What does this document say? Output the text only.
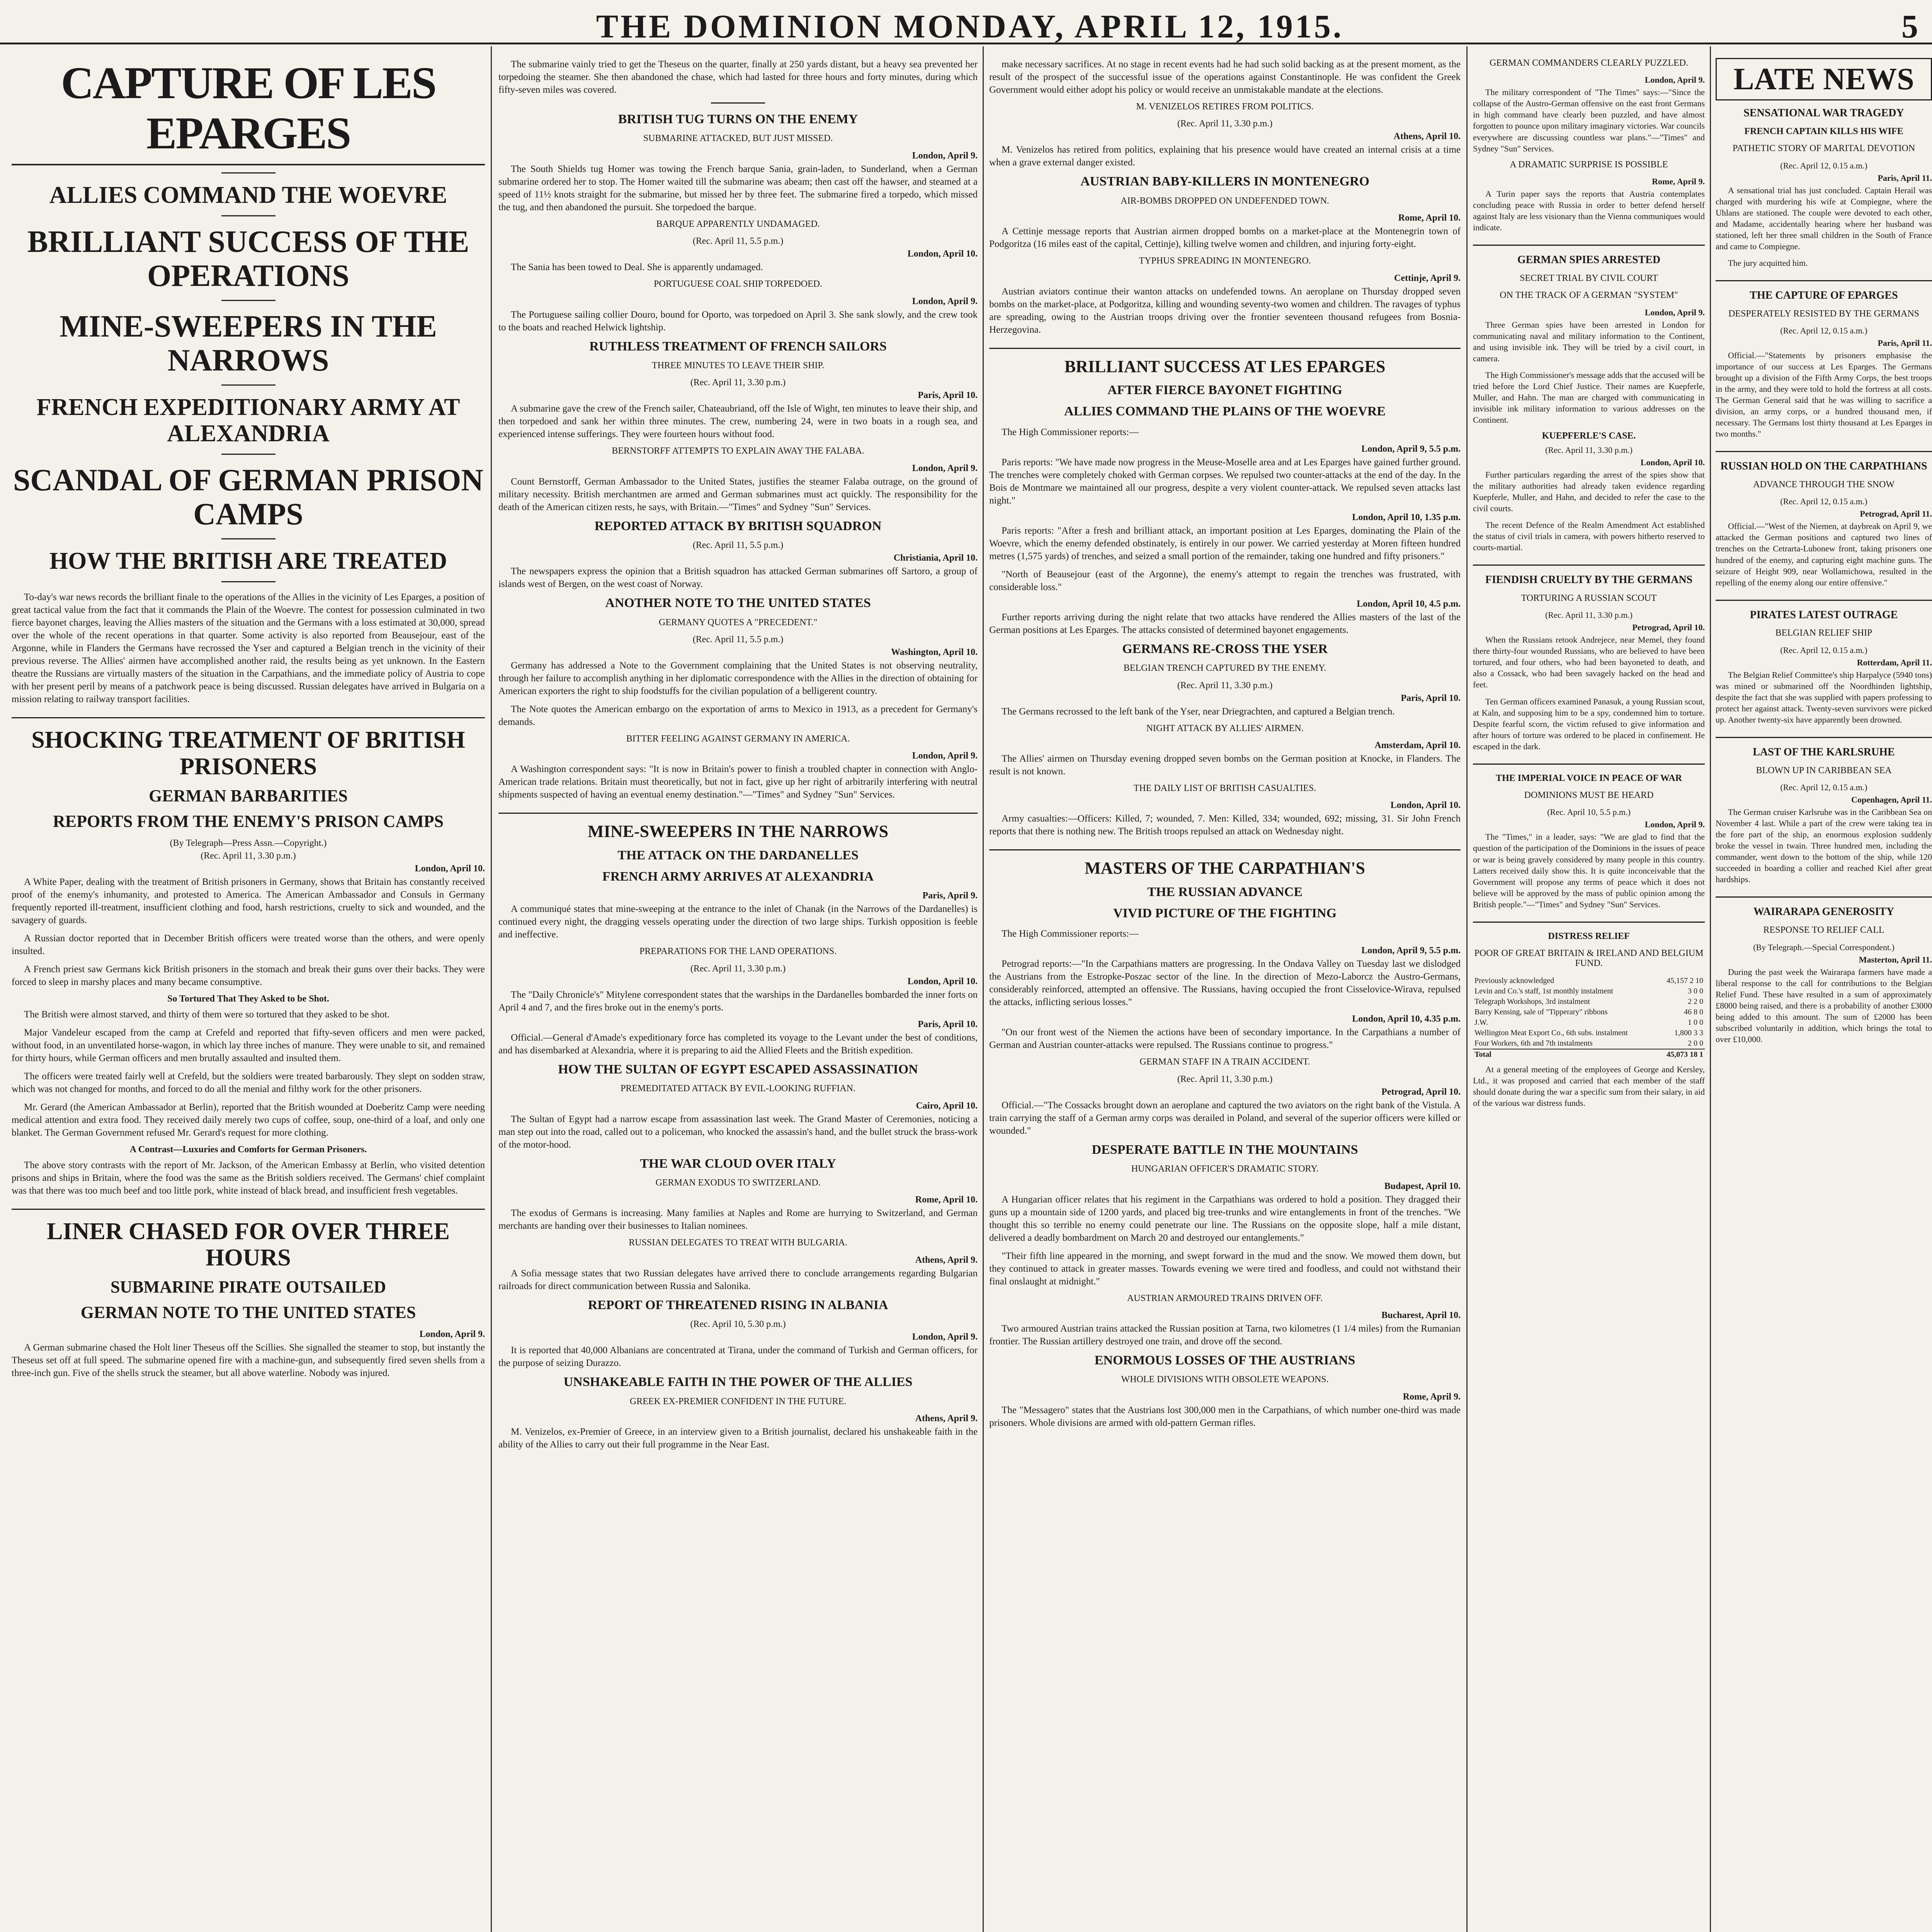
THE DOMINION MONDAY, APRIL 12, 1915.	5
CAPTURE OF LES EPARGES
ALLIES COMMAND THE WOEVRE
BRILLIANT SUCCESS OF THE OPERATIONS
MINE-SWEEPERS IN THE NARROWS
FRENCH EXPEDITIONARY ARMY AT ALEXANDRIA
SCANDAL OF GERMAN PRISON CAMPS
HOW THE BRITISH ARE TREATED

To-day's war news records the brilliant finale to the operations of the Allies in the vicinity of Les Eparges, a position of great tactical value from the fact that it commands the Plain of the Woevre. The contest for possession culminated in two fierce bayonet charges, leaving the Allies masters of the situation and the Germans with a loss estimated at 30,000, spread over the whole of the recent operations in that quarter. Some activity is also reported from Beausejour, east of the Argonne, while in Flanders the Germans have recrossed the Yser and captured a Belgian trench in the vicinity of their previous reverse. The Allies' airmen have accomplished another raid, the results being as yet unknown. In the Eastern theatre the Russians are virtually masters of the situation in the Carpathians, and the immediate policy of Austria to cope with her present peril by means of a patchwork peace is being discussed. Russian delegates have arrived in Bulgaria on a mission relating to railway transport facilities.

SHOCKING TREATMENT OF BRITISH PRISONERS
GERMAN BARBARITIES
REPORTS FROM THE ENEMY'S PRISON CAMPS
(By Telegraph—Press Assn.—Copyright.)
(Rec. April 11, 3.30 p.m.)
London, April 10.

A White Paper, dealing with the treatment of British prisoners in Germany, shows that Britain has constantly received proof of the enemy's inhumanity, and protested to America. The American Ambassador and Consuls in Germany frequently reported ill-treatment, insufficient clothing and food, harsh restrictions, cruelty to sick and wounded, and the savagery of guards.

A Russian doctor reported that in December British officers were treated worse than the others, and were openly insulted.

A French priest saw Germans kick British prisoners in the stomach and break their guns over their backs. They were forced to sleep in marshy places and many became consumptive.

So Tortured That They Asked to be Shot.

The British were almost starved, and thirty of them were so tortured that they asked to be shot.

Major Vandeleur escaped from the camp at Crefeld and reported that fifty-seven officers and men were packed, without food, in an unventilated horse-wagon, in which lay three inches of manure. They were unable to sit, and remained for thirty hours, while German officers and men brutally assaulted and insulted them.

The officers were treated fairly well at Crefeld, but the soldiers were treated barbarously. They slept on sodden straw, which was not changed for months, and forced to do all the menial and filthy work for the other prisoners.

Mr. Gerard (the American Ambassador at Berlin), reported that the British wounded at Doeberitz Camp were needing medical attention and extra food. They received daily merely two cups of coffee, soup, one-third of a loaf, and only one blanket. The German Government refused Mr. Gerard's request for more clothing.

A Contrast—Luxuries and Comforts for German Prisoners.

The above story contrasts with the report of Mr. Jackson, of the American Embassy at Berlin, who visited detention prisons and ships in Britain, where the food was the same as the British soldiers received. The Germans' chief complaint was that there was too much beef and too little pork, white instead of black bread, and insufficient fresh vegetables.

LINER CHASED FOR OVER THREE HOURS
SUBMARINE PIRATE OUTSAILED
GERMAN NOTE TO THE UNITED STATES
London, April 9.

A German submarine chased the Holt liner Theseus off the Scillies. She signalled the steamer to stop, but instantly the Theseus set off at full speed. The submarine opened fire with a machine-gun, and subsequently fired seven shells from a three-inch gun. Five of the shells struck the steamer, but all above waterline. Nobody was injured.

The submarine vainly tried to get the Theseus on the quarter, finally at 250 yards distant, but a heavy sea prevented her torpedoing the steamer. She then abandoned the chase, which had lasted for three hours and forty minutes, during which fifty-seven miles was covered.

BRITISH TUG TURNS ON THE ENEMY
SUBMARINE ATTACKED, BUT JUST MISSED.
London, April 9.

The South Shields tug Homer was towing the French barque Sania, grain-laden, to Sunderland, when a German submarine ordered her to stop. The Homer waited till the submarine was abeam; then cast off the hawser, and steamed at a speed of 11½ knots straight for the submarine, but missed her by three feet. The submarine fired a torpedo, which missed the tug, and then abandoned the pursuit. She torpedoed the barque.

BARQUE APPARENTLY UNDAMAGED.
(Rec. April 11, 5.5 p.m.)
London, April 10.

The Sania has been towed to Deal. She is apparently undamaged.

PORTUGUESE COAL SHIP TORPEDOED.
London, April 9.

The Portuguese sailing collier Douro, bound for Oporto, was torpedoed on April 3. She sank slowly, and the crew took to the boats and reached Helwick lightship.

RUTHLESS TREATMENT OF FRENCH SAILORS
THREE MINUTES TO LEAVE THEIR SHIP.
(Rec. April 11, 3.30 p.m.)
Paris, April 10.

A submarine gave the crew of the French sailer, Chateaubriand, off the Isle of Wight, ten minutes to leave their ship, and then torpedoed and sank her within three minutes. The crew, numbering 24, were in two boats in a rough sea, and experienced intense sufferings. They were fourteen hours without food.

BERNSTORFF ATTEMPTS TO EXPLAIN AWAY THE FALABA.
London, April 9.

Count Bernstorff, German Ambassador to the United States, justifies the steamer Falaba outrage, on the ground of military necessity. British merchantmen are armed and German submarines must act quickly. The responsibility for the death of the American citizen rests, he says, with Britain.—"Times" and Sydney "Sun" Services.

REPORTED ATTACK BY BRITISH SQUADRON
(Rec. April 11, 5.5 p.m.)
Christiania, April 10.

The newspapers express the opinion that a British squadron has attacked German submarines off Sartoro, a group of islands west of Bergen, on the west coast of Norway.

ANOTHER NOTE TO THE UNITED STATES
GERMANY QUOTES A "PRECEDENT."
(Rec. April 11, 5.5 p.m.)
Washington, April 10.

Germany has addressed a Note to the Government complaining that the United States is not observing neutrality, through her failure to accomplish anything in her diplomatic correspondence with the Allies in the direction of obtaining for American exporters the right to ship foodstuffs for the civilian population of a belligerent country.

The Note quotes the American embargo on the exportation of arms to Mexico in 1913, as a precedent for Germany's demands.

BITTER FEELING AGAINST GERMANY IN AMERICA.
London, April 9.

A Washington correspondent says: "It is now in Britain's power to finish a troubled chapter in connection with Anglo-American trade relations. Britain must theoretically, but not in fact, give up her right of arbitrarily interfering with neutral shipments suspected of having an eventual enemy destination."—"Times" and Sydney "Sun" Services.

MINE-SWEEPERS IN THE NARROWS
THE ATTACK ON THE DARDANELLES
FRENCH ARMY ARRIVES AT ALEXANDRIA
Paris, April 9.

A communiqué states that mine-sweeping at the entrance to the inlet of Chanak (in the Narrows of the Dardanelles) is continued every night, the dragging vessels operating under the direction of two large ships. Turkish opposition is feeble and ineffective.

PREPARATIONS FOR THE LAND OPERATIONS.
(Rec. April 11, 3.30 p.m.)
London, April 10.

The "Daily Chronicle's" Mitylene correspondent states that the warships in the Dardanelles bombarded the inner forts on April 4 and 7, and the fires broke out in the enemy's ports.

Paris, April 10.

Official.—General d'Amade's expeditionary force has completed its voyage to the Levant under the best of conditions, and has disembarked at Alexandria, where it is preparing to aid the Allied Fleets and the British expedition.

HOW THE SULTAN OF EGYPT ESCAPED ASSASSINATION
PREMEDITATED ATTACK BY EVIL-LOOKING RUFFIAN.
Cairo, April 10.

The Sultan of Egypt had a narrow escape from assassination last week. The Grand Master of Ceremonies, noticing a man step out into the road, called out to a policeman, who knocked the assassin's hand, and the bullet struck the brass-work of the motor-hood.

THE WAR CLOUD OVER ITALY
GERMAN EXODUS TO SWITZERLAND.
Rome, April 10.

The exodus of Germans is increasing. Many families at Naples and Rome are hurrying to Switzerland, and German merchants are handing over their businesses to Italian nominees.

RUSSIAN DELEGATES TO TREAT WITH BULGARIA.
Athens, April 9.

A Sofia message states that two Russian delegates have arrived there to conclude arrangements regarding Bulgarian railroads for direct communication between Russia and Salonika.

REPORT OF THREATENED RISING IN ALBANIA
(Rec. April 10, 5.30 p.m.)
London, April 9.

It is reported that 40,000 Albanians are concentrated at Tirana, under the command of Turkish and German officers, for the purpose of seizing Durazzo.

UNSHAKEABLE FAITH IN THE POWER OF THE ALLIES
GREEK EX-PREMIER CONFIDENT IN THE FUTURE.
Athens, April 9.

M. Venizelos, ex-Premier of Greece, in an interview given to a British journalist, declared his unshakeable faith in the ability of the Allies to carry out their full programme in the Near East.

make necessary sacrifices. At no stage in recent events had he had such solid backing as at the present moment, as the result of the prospect of the successful issue of the operations against Constantinople. He was confident the Greek Government would either adopt his policy or would receive an unmistakable mandate at the elections.

M. VENIZELOS RETIRES FROM POLITICS.
(Rec. April 11, 3.30 p.m.)
Athens, April 10.

M. Venizelos has retired from politics, explaining that his presence would have created an internal crisis at a time when a grave external danger existed.

AUSTRIAN BABY-KILLERS IN MONTENEGRO
AIR-BOMBS DROPPED ON UNDEFENDED TOWN.
Rome, April 10.

A Cettinje message reports that Austrian airmen dropped bombs on a market-place at the Montenegrin town of Podgoritza (16 miles east of the capital, Cettinje), killing twelve women and children, and injuring forty-eight.

TYPHUS SPREADING IN MONTENEGRO.
Cettinje, April 9.

Austrian aviators continue their wanton attacks on undefended towns. An aeroplane on Thursday dropped seven bombs on the market-place, at Podgoritza, killing and wounding seventy-two women and children. The ravages of typhus are spreading, owing to the Austrian troops driving over the frontier seventeen thousand refugees from Bosnia-Herzegovina.

BRILLIANT SUCCESS AT LES EPARGES
AFTER FIERCE BAYONET FIGHTING
ALLIES COMMAND THE PLAINS OF THE WOEVRE

The High Commissioner reports:—

London, April 9, 5.5 p.m.

Paris reports: "We have made now progress in the Meuse-Moselle area and at Les Eparges have gained further ground. The trenches were completely choked with German corpses. We repulsed two counter-attacks at the end of the day. In the Bois de Montmare we maintained all our progress, despite a very violent counter-attack. We repulsed seven attacks last night."

London, April 10, 1.35 p.m.

Paris reports: "After a fresh and brilliant attack, an important position at Les Eparges, dominating the Plain of the Woevre, which the enemy defended obstinately, is entirely in our power. We carried yesterday at Moren fifteen hundred metres (1,575 yards) of trenches, and seized a small portion of the remainder, taking one hundred and fifty prisoners."

"North of Beausejour (east of the Argonne), the enemy's attempt to regain the trenches was frustrated, with considerable loss."

London, April 10, 4.5 p.m.

Further reports arriving during the night relate that two attacks have rendered the Allies masters of the last of the German positions at Les Eparges. The attacks consisted of determined bayonet engagements.

GERMANS RE-CROSS THE YSER
BELGIAN TRENCH CAPTURED BY THE ENEMY.
(Rec. April 11, 3.30 p.m.)
Paris, April 10.

The Germans recrossed to the left bank of the Yser, near Driegrachten, and captured a Belgian trench.

NIGHT ATTACK BY ALLIES' AIRMEN.
Amsterdam, April 10.

The Allies' airmen on Thursday evening dropped seven bombs on the German position at Knocke, in Flanders. The result is not known.

THE DAILY LIST OF BRITISH CASUALTIES.
London, April 10.

Army casualties:—Officers: Killed, 7; wounded, 7. Men: Killed, 334; wounded, 692; missing, 31. Sir John French reports that there is nothing new. The British troops repulsed an attack on Wednesday night.

MASTERS OF THE CARPATHIAN'S
THE RUSSIAN ADVANCE
VIVID PICTURE OF THE FIGHTING

The High Commissioner reports:—

London, April 9, 5.5 p.m.

Petrograd reports:—"In the Carpathians matters are progressing. In the Ondava Valley on Tuesday last we dislodged the Austrians from the Estropke-Poszac sector of the line. In the direction of Mezo-Laborcz the Austro-Germans, considerably reinforced, attempted an offensive. The Russians, having occupied the front Cisselovice-Wirava, repulsed the attacks, inflicting serious losses."

London, April 10, 4.35 p.m.

"On our front west of the Niemen the actions have been of secondary importance. In the Carpathians a number of German and Austrian counter-attacks were repulsed. The Russians continue to progress."

GERMAN STAFF IN A TRAIN ACCIDENT.
(Rec. April 11, 3.30 p.m.)
Petrograd, April 10.

Official.—"The Cossacks brought down an aeroplane and captured the two aviators on the right bank of the Vistula. A train carrying the staff of a German army corps was derailed in Poland, and several of the superior officers were killed or wounded."

DESPERATE BATTLE IN THE MOUNTAINS
HUNGARIAN OFFICER'S DRAMATIC STORY.
Budapest, April 10.

A Hungarian officer relates that his regiment in the Carpathians was ordered to hold a position. They dragged their guns up a mountain side of 1200 yards, and placed big tree-trunks and wire entanglements in front of the trenches. "We thought this so terrible no enemy could penetrate our line. The Russians on the opposite slope, half a mile distant, delivered a deadly bombardment on March 20 and destroyed our entanglements."

"Their fifth line appeared in the morning, and swept forward in the mud and the snow. We mowed them down, but they continued to attack in greater masses. Towards evening we were tired and foodless, and could not withstand their final onslaught at midnight."

AUSTRIAN ARMOURED TRAINS DRIVEN OFF.
Bucharest, April 10.

Two armoured Austrian trains attacked the Russian position at Tarna, two kilometres (1 1/4 miles) from the Rumanian frontier. The Russian artillery destroyed one train, and drove off the second.

ENORMOUS LOSSES OF THE AUSTRIANS
WHOLE DIVISIONS WITH OBSOLETE WEAPONS.
Rome, April 9.

The "Messagero" states that the Austrians lost 300,000 men in the Carpathians, of which number one-third was made prisoners. Whole divisions are armed with old-pattern German rifles.

GERMAN COMMANDERS CLEARLY PUZZLED.
London, April 9.

The military correspondent of "The Times" says:—"Since the collapse of the Austro-German offensive on the east front Germans in high command have clearly been puzzled, and have almost forgotten to pounce upon military imaginary victories. War councils everywhere are discussing countless war plans."—"Times" and Sydney "Sun" Services.

A DRAMATIC SURPRISE IS POSSIBLE
Rome, April 9.

A Turin paper says the reports that Austria contemplates concluding peace with Russia in order to better defend herself against Italy are less visionary than the Vienna communiques would indicate.

GERMAN SPIES ARRESTED
SECRET TRIAL BY CIVIL COURT
ON THE TRACK OF A GERMAN "SYSTEM"
London, April 9.

Three German spies have been arrested in London for communicating naval and military information to the Continent, and using invisible ink. They will be tried by a civil court, in camera.

The High Commissioner's message adds that the accused will be tried before the Lord Chief Justice. Their names are Kuepferle, Muller, and Hahn. The man are charged with communicating in invisible ink military information to various addresses on the Continent.

KUEPFERLE'S CASE.
(Rec. April 11, 3.30 p.m.)
London, April 10.

Further particulars regarding the arrest of the spies show that the military authorities had already taken evidence regarding Kuepferle, Muller, and Hahn, and decided to refer the case to the civil courts.

The recent Defence of the Realm Amendment Act established the status of civil trials in camera, with powers hitherto reserved to courts-martial.

FIENDISH CRUELTY BY THE GERMANS
TORTURING A RUSSIAN SCOUT
(Rec. April 11, 3.30 p.m.)
Petrograd, April 10.

When the Russians retook Andrejece, near Memel, they found there thirty-four wounded Russians, who are believed to have been tortured, and four others, who had been bayoneted to death, and also a Cossack, who had been savagely hacked on the head and feet.

Ten German officers examined Panasuk, a young Russian scout, at Kaln, and supposing him to be a spy, condemned him to torture. Despite fearful scorn, the victim refused to give information and after hours of torture was ordered to be placed in confinement. He escaped in the dark.

THE IMPERIAL VOICE IN PEACE OF WAR
DOMINIONS MUST BE HEARD
(Rec. April 10, 5.5 p.m.)
London, April 9.

The "Times," in a leader, says: "We are glad to find that the question of the participation of the Dominions in the issues of peace or war is being gravely considered by many people in this country. Latters received daily show this. It is quite inconceivable that the Government will propose any terms of peace which it does not believe will be approved by the mass of public opinion among the British people."—"Times" and Sydney "Sun" Services.

DISTRESS RELIEF
POOR OF GREAT BRITAIN & IRELAND AND BELGIUM FUND.
Previously acknowledged	45,157 2 10
Levin and Co.'s staff, 1st monthly instalment	3 0 0
Telegraph Workshops, 3rd instalment	2 2 0
Barry Kensing, sale of "Tipperary" ribbons	46 8 0
J.W.	1 0 0
Wellington Meat Export Co., 6th subs. instalment	1,800 3 3
Four Workers, 6th and 7th instalments	2 0 0
Total	45,073 18 1

At a general meeting of the employees of George and Kersley, Ltd., it was proposed and carried that each member of the staff should donate during the war a specific sum from their salary, in aid of the various war distress funds.

LATE NEWS
SENSATIONAL WAR TRAGEDY
FRENCH CAPTAIN KILLS HIS WIFE
PATHETIC STORY OF MARITAL DEVOTION
(Rec. April 12, 0.15 a.m.)
Paris, April 11.

A sensational trial has just concluded. Captain Herail was charged with murdering his wife at Compiegne, where the Uhlans are stationed. The couple were devoted to each other, and Madame, accidentally hearing where her husband was stationed, left her three small children in the South of France and came to Compiegne.

The jury acquitted him.

THE CAPTURE OF EPARGES
DESPERATELY RESISTED BY THE GERMANS
(Rec. April 12, 0.15 a.m.)
Paris, April 11.

Official.—"Statements by prisoners emphasise the importance of our success at Les Eparges. The Germans brought up a division of the Fifth Army Corps, the best troops in the army, and they were told to hold the fortress at all costs. The German General said that he was willing to sacrifice a division, an army corps, or a hundred thousand men, if necessary. The Germans lost thirty thousand at Les Eparges in two months."

RUSSIAN HOLD ON THE CARPATHIANS
ADVANCE THROUGH THE SNOW
(Rec. April 12, 0.15 a.m.)
Petrograd, April 11.

Official.—"West of the Niemen, at daybreak on April 9, we attacked the German positions and captured two lines of trenches on the Cetrarta-Lubonew front, taking prisoners one hundred of the enemy, and capturing eight machine guns. The seizure of Height 909, near Wollamichowa, resulted in the repelling of the enemy along our entire offensive."

PIRATES LATEST OUTRAGE
BELGIAN RELIEF SHIP
(Rec. April 12, 0.15 a.m.)
Rotterdam, April 11.

The Belgian Relief Committee's ship Harpalyce (5940 tons) was mined or submarined off the Noordhinden lightship, despite the fact that she was supplied with papers professing to protect her against attack. Twenty-seven survivors were picked up. Another twenty-six have apparently been drowned.

LAST OF THE KARLSRUHE
BLOWN UP IN CARIBBEAN SEA
(Rec. April 12, 0.15 a.m.)
Copenhagen, April 11.

The German cruiser Karlsruhe was in the Caribbean Sea on November 4 last. While a part of the crew were taking tea in the fore part of the ship, an enormous explosion suddenly broke the vessel in twain. Three hundred men, including the commander, went down to the bottom of the ship, while 120 succeeded in boarding a collier and reached Kiel after great hardships.

WAIRARAPA GENEROSITY
RESPONSE TO RELIEF CALL
(By Telegraph.—Special Correspondent.)
Masterton, April 11.

During the past week the Wairarapa farmers have made a liberal response to the call for contributions to the Belgian Relief Fund. These have resulted in a sum of approximately £8000 being raised, and there is a probability of another £3000 being added to this amount. The sum of £2000 has been subscribed voluntarily in addition, which brings the total to over £10,000.
